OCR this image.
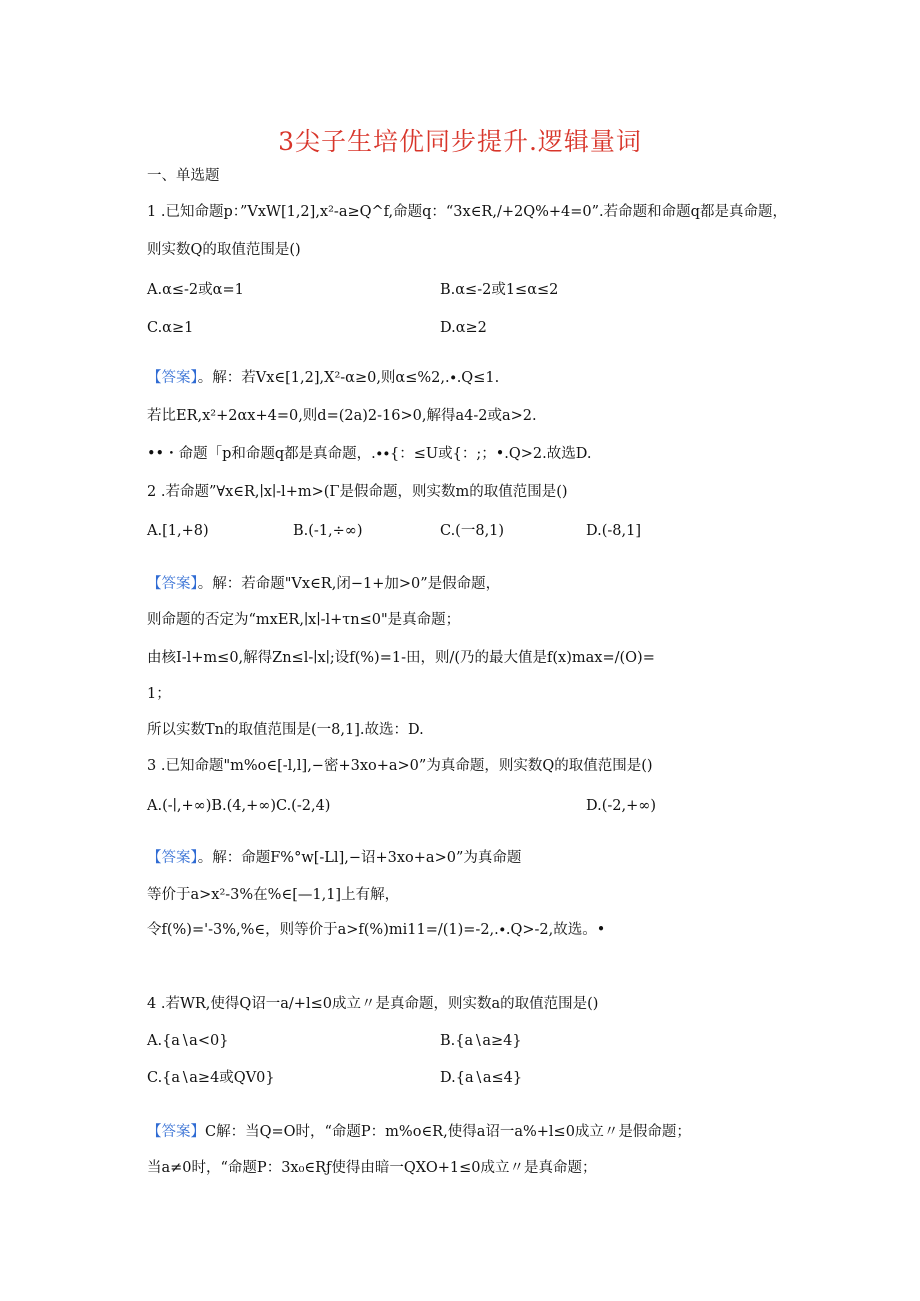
3尖子生培优同步提升.逻辑量词
一、单选题
1 .已知命题p：”VxW[1,2],x²-a≥Q^f,命题q：“3x∈R,/+2Q%+4=0”.若命题和命题q都是真命题，
则实数Q的取值范围是()
A.α≤-2或α=1	B.α≤-2或1≤α≤2
C.α≥1	D.α≥2
【答案】。解：若Vx∈[1,2],X²-α≥0,则α≤%2,.∙.Q≤1.
若比ER,x²+2αx+4=0,则d=(2a)2-16>0,解得a4-2或a>2.
••・命题「p和命题q都是真命题，.∙∙{：≤U或{：;；•.Q>2.故选D.
2 .若命题”∀x∈R,∣x∣-l+m>(Γ是假命题，则实数m的取值范围是()
A.[1,+8)	B.(-1,÷∞)	C.(一8,1)	D.(-8,1]
【答案】。解：若命题"Vx∈R,闭−1+加>0”是假命题，
则命题的否定为“mxER,∣x∣-l+τn≤0"是真命题；
由核I-l+m≤0,解得Zn≤l-∣x∣;设f(%)=1-田，则/(乃的最大值是f(x)max=/(O)=
1；
所以实数Tn的取值范围是(一8,1].故选：D.
3 .已知命题"m%o∈[-l,l],−密+3xo+a>0”为真命题，则实数Q的取值范围是()
A.(-∣,+∞)B.(4,+∞)C.(-2,4)	D.(-2,+∞)
【答案】。解：命题F%°w[-Ll],−诏+3xo+a>0”为真命题
等价于a>x²-3%在%∈[—1,1]上有解，
令f(%)='-3%,%∈，则等价于a>f(%)mi11=/(1)=-2,.∙.Q>-2,故选。•
4 .若WR,使得Q诏一a/+l≤0成立〃是真命题，则实数a的取值范围是()
A.{a∖a<0}	B.{a∖a≥4}
C.{a∖a≥4或QV0}	D.{a∖a≤4}
【答案】C解：当Q=O时，“命题P：m%o∈R,使得a诏一a%+l≤0成立〃是假命题；
当a≠0时，“命题P：3x₀∈Rƒ使得由暗一QXO+1≤0成立〃是真命题；
